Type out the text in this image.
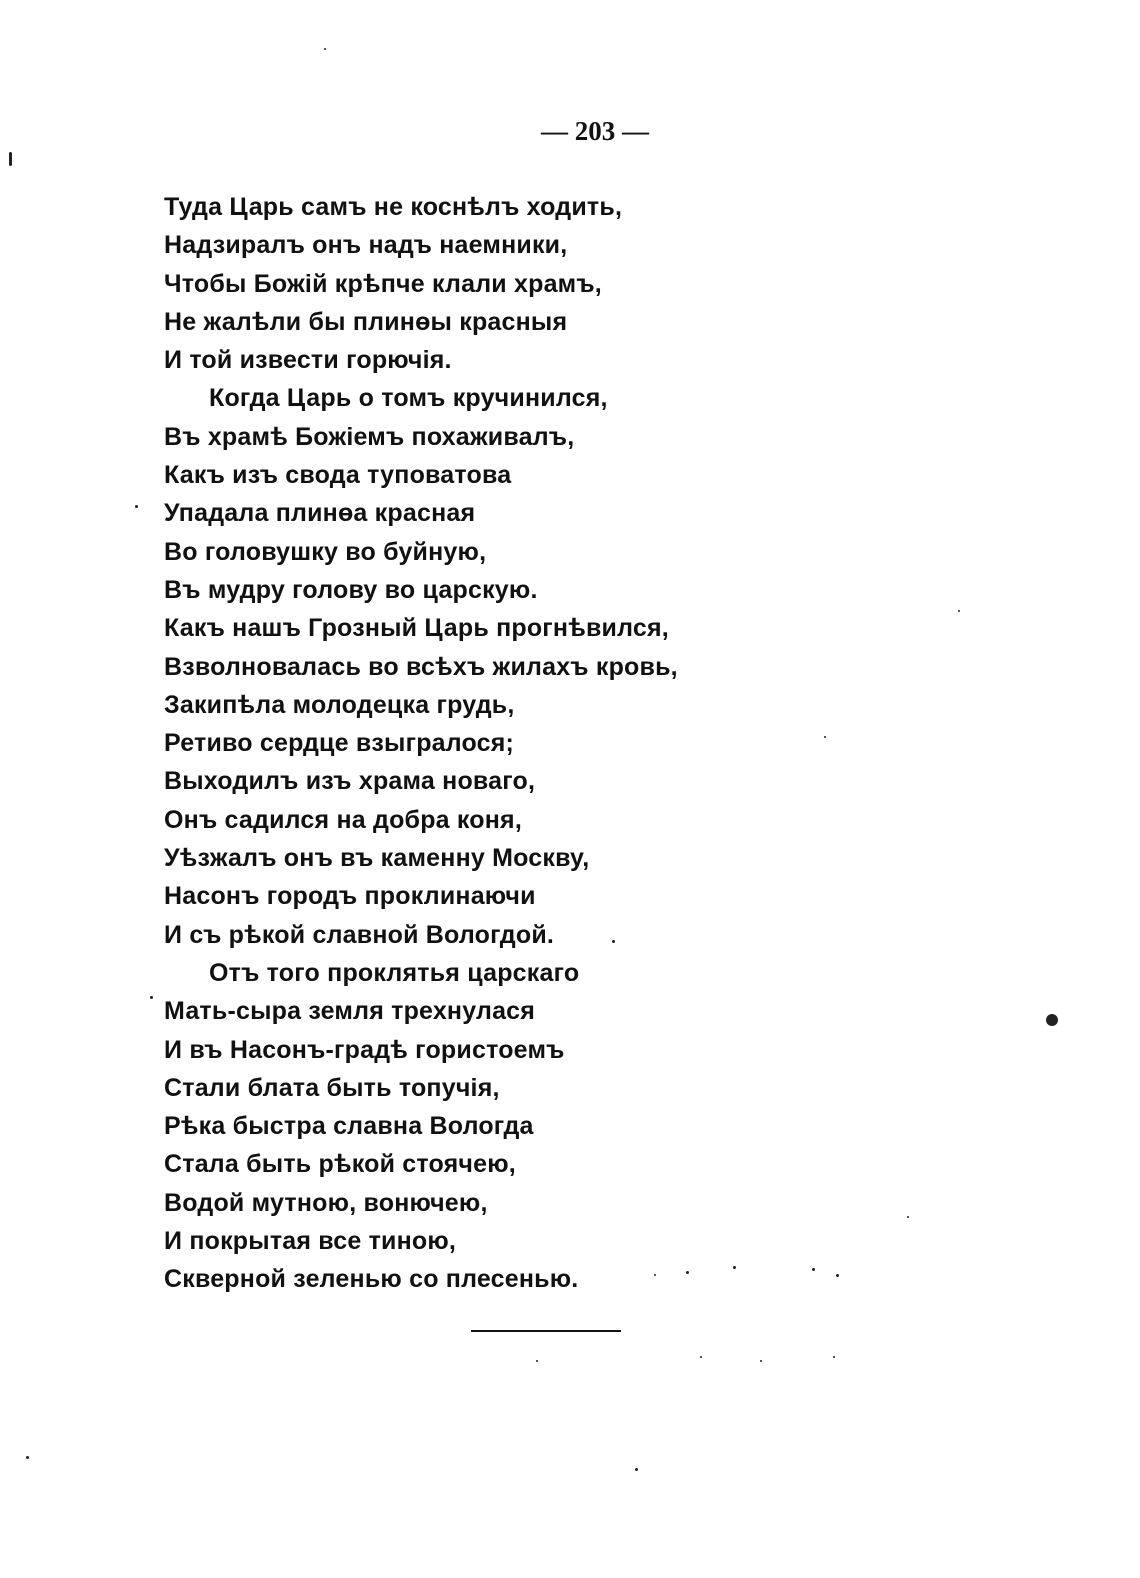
— 203 —
Туда Царь самъ не коснѣлъ ходить,
Надзиралъ онъ надъ наемники,
Чтобы Божій крѣпче клали храмъ,
Не жалѣли бы плинөы красныя
И той извести горючія.
Когда Царь о томъ кручинился,
Въ храмѣ Божіемъ похаживалъ,
Какъ изъ свода туповатова
Упадала плинөа красная
Во головушку во буйную,
Въ мудру голову во царскую.
Какъ нашъ Грозный Царь прогнѣвился,
Взволновалась во всѣхъ жилахъ кровь,
Закипѣла молодецка грудь,
Ретиво сердце взыгралося;
Выходилъ изъ храма новаго,
Онъ садился на добра коня,
Уѣзжалъ онъ въ каменну Москву,
Насонъ городъ проклинаючи
И съ рѣкой славной Вологдой.
Отъ того проклятья царскаго
Мать-сыра земля трехнулася
И въ Насонъ-градѣ гористоемъ
Стали блата быть топучія,
Рѣка быстра славна Вологда
Стала быть рѣкой стоячею,
Водой мутною, вонючею,
И покрытая все тиною,
Скверной зеленью со плесенью.
